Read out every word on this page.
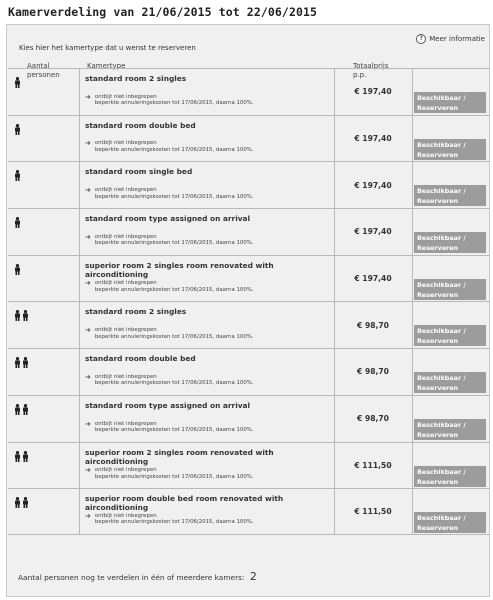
Kamerverdeling van 21/06/2015 tot 22/06/2015
? Meer informatie
Kies hier het kamertype dat u wenst te reserveren
Aantal
personen
Kamertype	Totaalprijs
p.p.
standard room 2 singles
➜ ontbijt niet inbegrepen
beperkte annuleringskosten tot 17/06/2015, daarna 100%.
€ 197,40
Beschikbaar /
Reserveren
standard room double bed
➜ ontbijt niet inbegrepen
beperkte annuleringskosten tot 17/06/2015, daarna 100%.
€ 197,40
Beschikbaar /
Reserveren
standard room single bed
➜ ontbijt niet inbegrepen
beperkte annuleringskosten tot 17/06/2015, daarna 100%.
€ 197,40
Beschikbaar /
Reserveren
standard room type assigned on arrival
➜ ontbijt niet inbegrepen
beperkte annuleringskosten tot 17/06/2015, daarna 100%.
€ 197,40
Beschikbaar /
Reserveren
superior room 2 singles room renovated with airconditioning
➜ ontbijt niet inbegrepen
beperkte annuleringskosten tot 17/06/2015, daarna 100%.
€ 197,40
Beschikbaar /
Reserveren
standard room 2 singles
➜ ontbijt niet inbegrepen
beperkte annuleringskosten tot 17/06/2015, daarna 100%.
€ 98,70
Beschikbaar /
Reserveren
standard room double bed
➜ ontbijt niet inbegrepen
beperkte annuleringskosten tot 17/06/2015, daarna 100%.
€ 98,70
Beschikbaar /
Reserveren
standard room type assigned on arrival
➜ ontbijt niet inbegrepen
beperkte annuleringskosten tot 17/06/2015, daarna 100%.
€ 98,70
Beschikbaar /
Reserveren
superior room 2 singles room renovated with airconditioning
➜ ontbijt niet inbegrepen
beperkte annuleringskosten tot 17/06/2015, daarna 100%.
€ 111,50
Beschikbaar /
Reserveren
superior room double bed room renovated with airconditioning
➜ ontbijt niet inbegrepen
beperkte annuleringskosten tot 17/06/2015, daarna 100%.
€ 111,50
Beschikbaar /
Reserveren
Aantal personen nog te verdelen in één of meerdere kamers: 2
